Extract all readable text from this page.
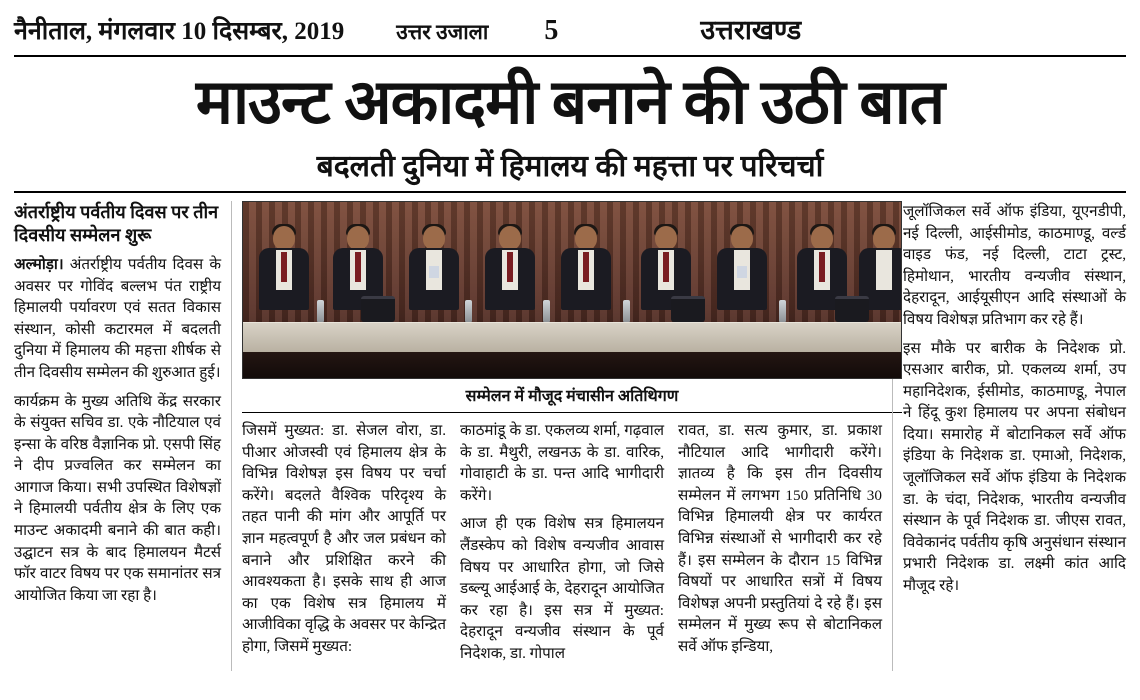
नैनीताल, मंगलवार 10 दिसम्बर, 2019 उत्तर उजाला 5	उत्तराखण्ड
माउन्ट अकादमी बनाने की उठी बात
बदलती दुनिया में हिमालय की महत्ता पर परिचर्चा
अंतर्राष्ट्रीय पर्वतीय दिवस पर तीन दिवसीय सम्मेलन शुरू

अल्मोड़ा। अंतर्राष्ट्रीय पर्वतीय दिवस के अवसर पर गोविंद बल्लभ पंत राष्ट्रीय हिमालयी पर्यावरण एवं सतत विकास संस्थान, कोसी कटारमल में बदलती दुनिया में हिमालय की महत्ता शीर्षक से तीन दिवसीय सम्मेलन की शुरुआत हुई।

कार्यक्रम के मुख्य अतिथि केंद्र सरकार के संयुक्त सचिव डा. एके नौटियाल एवं इन्सा के वरिष्ठ वैज्ञानिक प्रो. एसपी सिंह ने दीप प्रज्वलित कर सम्मेलन का आगाज किया। सभी उपस्थित विशेषज्ञों ने हिमालयी पर्वतीय क्षेत्र के लिए एक माउन्ट अकादमी बनाने की बात कही। उद्घाटन सत्र के बाद हिमालयन मैटर्स फॉर वाटर विषय पर एक समानांतर सत्र आयोजित किया जा रहा है।

सम्मेलन में मौजूद मंचासीन अतिथिगण

जिसमें मुख्यत: डा. सेजल वोरा, डा. पीआर ओजस्वी एवं हिमालय क्षेत्र के विभिन्न विशेषज्ञ इस विषय पर चर्चा करेंगे। बदलते वैश्विक परिदृश्य के तहत पानी की मांग और आपूर्ति पर ज्ञान महत्वपूर्ण है और जल प्रबंधन को बनाने और प्रशिक्षित करने की आवश्यकता है। इसके साथ ही आज का एक विशेष सत्र हिमालय में आजीविका वृद्धि के अवसर पर केन्द्रित होगा, जिसमें मुख्यत:

काठमांडू के डा. एकलव्य शर्मा, गढ़वाल के डा. मैथुरी, लखनऊ के डा. वारिक, गोवाहाटी के डा. पन्त आदि भागीदारी करेंगे।

आज ही एक विशेष सत्र हिमालयन लैंडस्केप को विशेष वन्यजीव आवास विषय पर आधारित होगा, जो जिसे डब्ल्यू आईआई के, देहरादून आयोजित कर रहा है। इस सत्र में मुख्यत: देहरादून वन्यजीव संस्थान के पूर्व निदेशक, डा. गोपाल

रावत, डा. सत्य कुमार, डा. प्रकाश नौटियाल आदि भागीदारी करेंगे। ज्ञातव्य है कि इस तीन दिवसीय सम्मेलन में लगभग 150 प्रतिनिधि 30 विभिन्न हिमालयी क्षेत्र पर कार्यरत विभिन्न संस्थाओं से भागीदारी कर रहे हैं। इस सम्मेलन के दौरान 15 विभिन्न विषयों पर आधारित सत्रों में विषय विशेषज्ञ अपनी प्रस्तुतियां दे रहे हैं। इस सम्मेलन में मुख्य रूप से बोटानिकल सर्वे ऑफ इन्डिया,

जूलॉजिकल सर्वे ऑफ इंडिया, यूएनडीपी, नई दिल्ली, आईसीमोड, काठमाण्डू, वर्ल्ड वाइड फंड, नई दिल्ली, टाटा ट्रस्ट, हिमोथान, भारतीय वन्यजीव संस्थान, देहरादून, आईयूसीएन आदि संस्थाओं के विषय विशेषज्ञ प्रतिभाग कर रहे हैं।

इस मौके पर बारीक के निदेशक प्रो. एसआर बारीक, प्रो. एकलव्य शर्मा, उप महानिदेशक, ईसीमोड, काठमाण्डू, नेपाल ने हिंदू कुश हिमालय पर अपना संबोधन दिया। समारोह में बोटानिकल सर्वे ऑफ इंडिया के निदेशक डा. एमाओ, निदेशक, जूलॉजिकल सर्वे ऑफ इंडिया के निदेशक डा. के चंदा, निदेशक, भारतीय वन्यजीव संस्थान के पूर्व निदेशक डा. जीएस रावत, विवेकानंद पर्वतीय कृषि अनुसंधान संस्थान प्रभारी निदेशक डा. लक्ष्मी कांत आदि मौजूद रहे।
